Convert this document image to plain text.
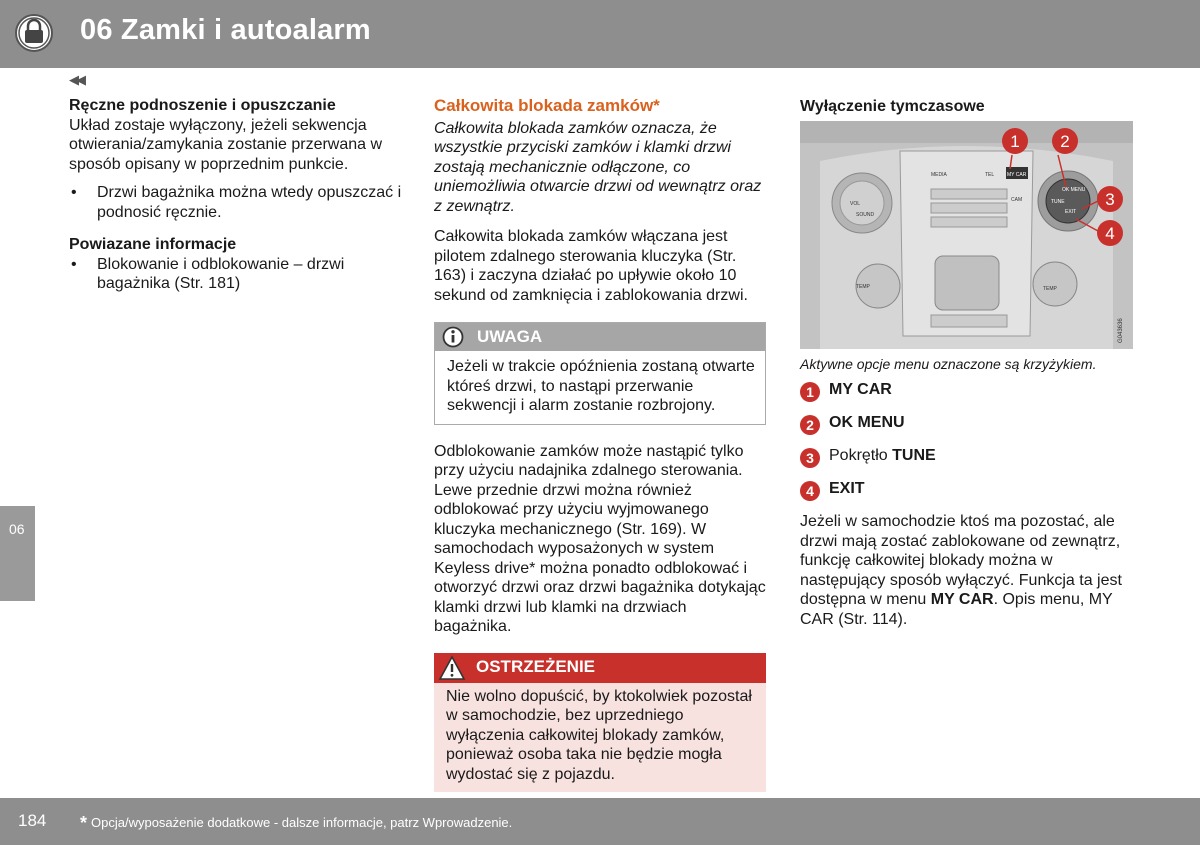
06 Zamki i autoalarm
◀◀
06
Ręczne podnoszenie i opuszczanie

Układ zostaje wyłączony, jeżeli sekwencja otwierania/zamykania zostanie przerwana w sposób opisany w poprzednim punkcie.

• Drzwi bagażnika można wtedy opuszczać i podnosić ręcznie.
Powiazane informacje
• Blokowanie i odblokowanie – drzwi bagażnika (Str. 181)
Całkowita blokada zamków*

Całkowita blokada zamków oznacza, że wszystkie przyciski zamków i klamki drzwi zostają mechanicznie odłączone, co uniemożliwia otwarcie drzwi od wewnątrz oraz z zewnątrz.

Całkowita blokada zamków włączana jest pilotem zdalnego sterowania kluczyka (Str. 163) i zaczyna działać po upływie około 10 sekund od zamknięcia i zablokowania drzwi.

UWAGA
Jeżeli w trakcie opóźnienia zostaną otwarte któreś drzwi, to nastąpi przerwanie sekwencji i alarm zostanie rozbrojony.

Odblokowanie zamków może nastąpić tylko przy użyciu nadajnika zdalnego sterowania. Lewe przednie drzwi można również odblokować przy użyciu wyjmowanego kluczyka mechanicznego (Str. 169). W samochodach wyposażonych w system Keyless drive* można ponadto odblokować i otworzyć drzwi oraz drzwi bagażnika dotykając klamki drzwi lub klamki na drzwiach bagażnika.

OSTRZEŻENIE
Nie wolno dopuścić, by ktokolwiek pozostał w samochodzie, bez uprzedniego wyłączenia całkowitej blokady zamków, ponieważ osoba taka nie będzie mogła wydostać się z pojazdu.
Wyłączenie tymczasowe
MEDIA	TEL	MY CAR
OK MENU
EXIT
TUNE
CAM
VOL
SOUND
TEMP	TEMP
1 2
3
4
G043636
Aktywne opcje menu oznaczone są krzyżykiem.
1 MY CAR
2 OK MENU
3 Pokrętło TUNE
4 EXIT

Jeżeli w samochodzie ktoś ma pozostać, ale drzwi mają zostać zablokowane od zewnątrz, funkcję całkowitej blokady można w następujący sposób wyłączyć. Funkcja ta jest dostępna w menu MY CAR. Opis menu, MY CAR (Str. 114).

184 * Opcja/wyposażenie dodatkowe - dalsze informacje, patrz Wprowadzenie.
